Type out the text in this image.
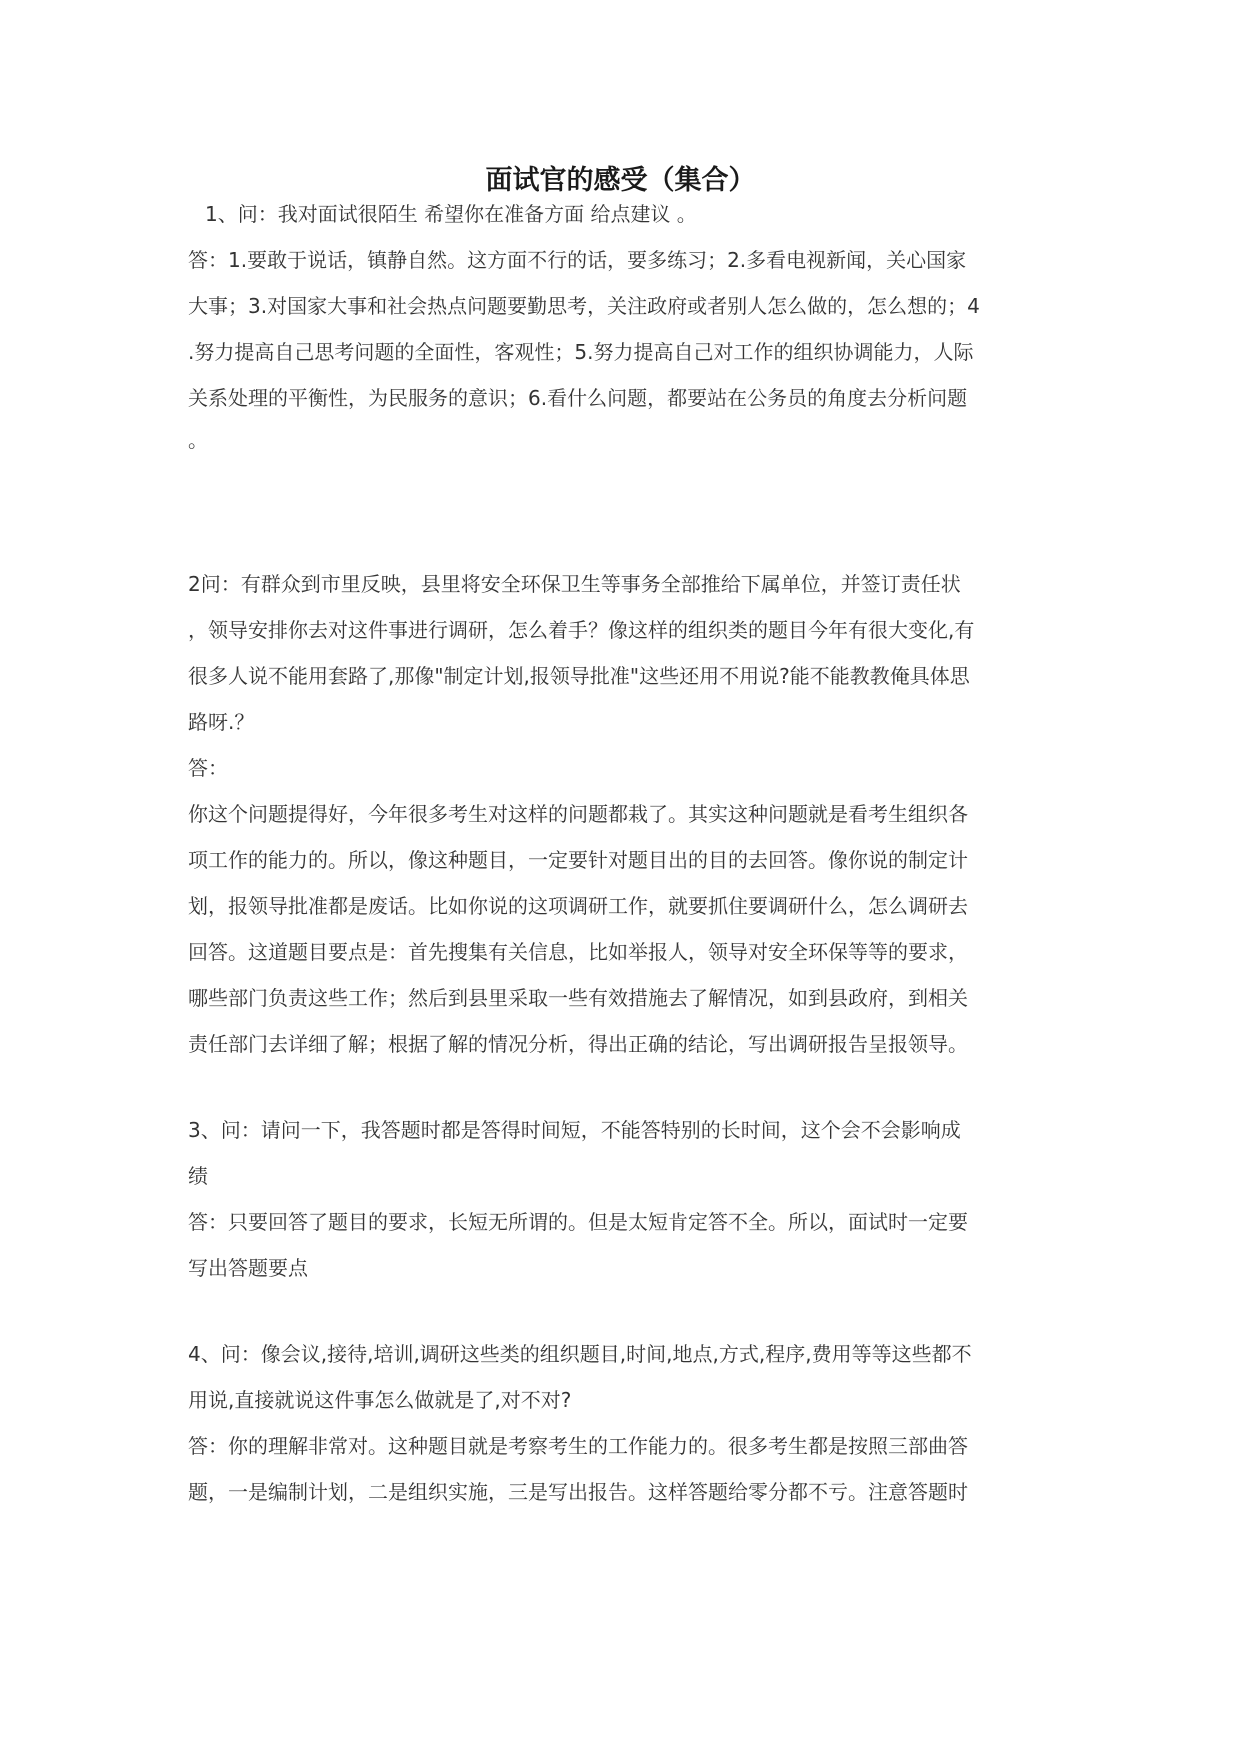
面试官的感受（集合）
1、问：我对面试很陌生 希望你在准备方面 给点建议 。
答：1.要敢于说话，镇静自然。这方面不行的话，要多练习；2.多看电视新闻，关心国家
大事；3.对国家大事和社会热点问题要勤思考，关注政府或者别人怎么做的，怎么想的；4
.努力提高自己思考问题的全面性，客观性；5.努力提高自己对工作的组织协调能力，人际
关系处理的平衡性，为民服务的意识；6.看什么问题，都要站在公务员的角度去分析问题
。
2问：有群众到市里反映，县里将安全环保卫生等事务全部推给下属单位，并签订责任状
，领导安排你去对这件事进行调研，怎么着手？像这样的组织类的题目今年有很大变化,有
很多人说不能用套路了,那像"制定计划,报领导批准"这些还用不用说?能不能教教俺具体思
路呀.？
答：
你这个问题提得好，今年很多考生对这样的问题都栽了。其实这种问题就是看考生组织各
项工作的能力的。所以，像这种题目，一定要针对题目出的目的去回答。像你说的制定计
划，报领导批准都是废话。比如你说的这项调研工作，就要抓住要调研什么，怎么调研去
回答。这道题目要点是：首先搜集有关信息，比如举报人，领导对安全环保等等的要求，
哪些部门负责这些工作；然后到县里采取一些有效措施去了解情况，如到县政府，到相关
责任部门去详细了解；根据了解的情况分析，得出正确的结论，写出调研报告呈报领导。
3、问：请问一下，我答题时都是答得时间短，不能答特别的长时间，这个会不会影响成
绩
答：只要回答了题目的要求，长短无所谓的。但是太短肯定答不全。所以，面试时一定要
写出答题要点
4、问：像会议,接待,培训,调研这些类的组织题目,时间,地点,方式,程序,费用等等这些都不
用说,直接就说这件事怎么做就是了,对不对?
答：你的理解非常对。这种题目就是考察考生的工作能力的。很多考生都是按照三部曲答
题，一是编制计划，二是组织实施，三是写出报告。这样答题给零分都不亏。注意答题时
